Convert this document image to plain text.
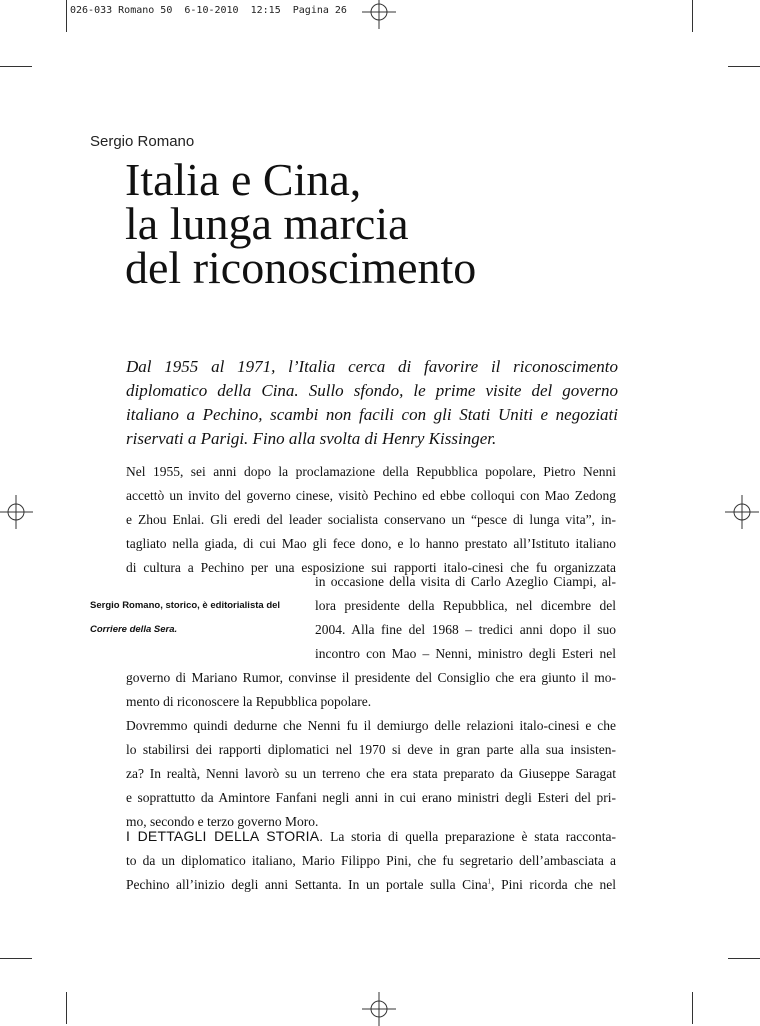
026-033 Romano 50  6-10-2010  12:15  Pagina 26
Sergio Romano
Italia e Cina,
la lunga marcia
del riconoscimento

Dal 1955 al 1971, l’Italia cerca di favorire il riconoscimento diplomatico della Cina. Sullo sfondo, le prime visite del governo italiano a Pechino, scambi non facili con gli Stati Uniti e negoziati riservati a Parigi. Fino alla svolta di Henry Kissinger.

Sergio Romano, storico, è editorialista del
Corriere della Sera.
Nel 1955, sei anni dopo la proclamazione della Repubblica popolare, Pietro Nenni
accettò un invito del governo cinese, visitò Pechino ed ebbe colloqui con Mao Zedong
e Zhou Enlai. Gli eredi del leader socialista conservano un “pesce di lunga vita”, in-
tagliato nella giada, di cui Mao gli fece dono, e lo hanno prestato all’Istituto italiano
di cultura a Pechino per una esposizione sui rapporti italo-cinesi che fu organizzata
in occasione della visita di Carlo Azeglio Ciampi, al-
lora presidente della Repubblica, nel dicembre del
2004. Alla fine del 1968 – tredici anni dopo il suo
incontro con Mao – Nenni, ministro degli Esteri nel
governo di Mariano Rumor, convinse il presidente del Consiglio che era giunto il mo-
mento di riconoscere la Repubblica popolare.
Dovremmo quindi dedurne che Nenni fu il demiurgo delle relazioni italo-cinesi e che
lo stabilirsi dei rapporti diplomatici nel 1970 si deve in gran parte alla sua insisten-
za? In realtà, Nenni lavorò su un terreno che era stata preparato da Giuseppe Saragat
e soprattutto da Amintore Fanfani negli anni in cui erano ministri degli Esteri del pri-
mo, secondo e terzo governo Moro.
I DETTAGLI DELLA STORIA. La storia di quella preparazione è stata racconta-
to da un diplomatico italiano, Mario Filippo Pini, che fu segretario dell’ambasciata a
Pechino all’inizio degli anni Settanta. In un portale sulla Cina$^1$, Pini ricorda che nel
